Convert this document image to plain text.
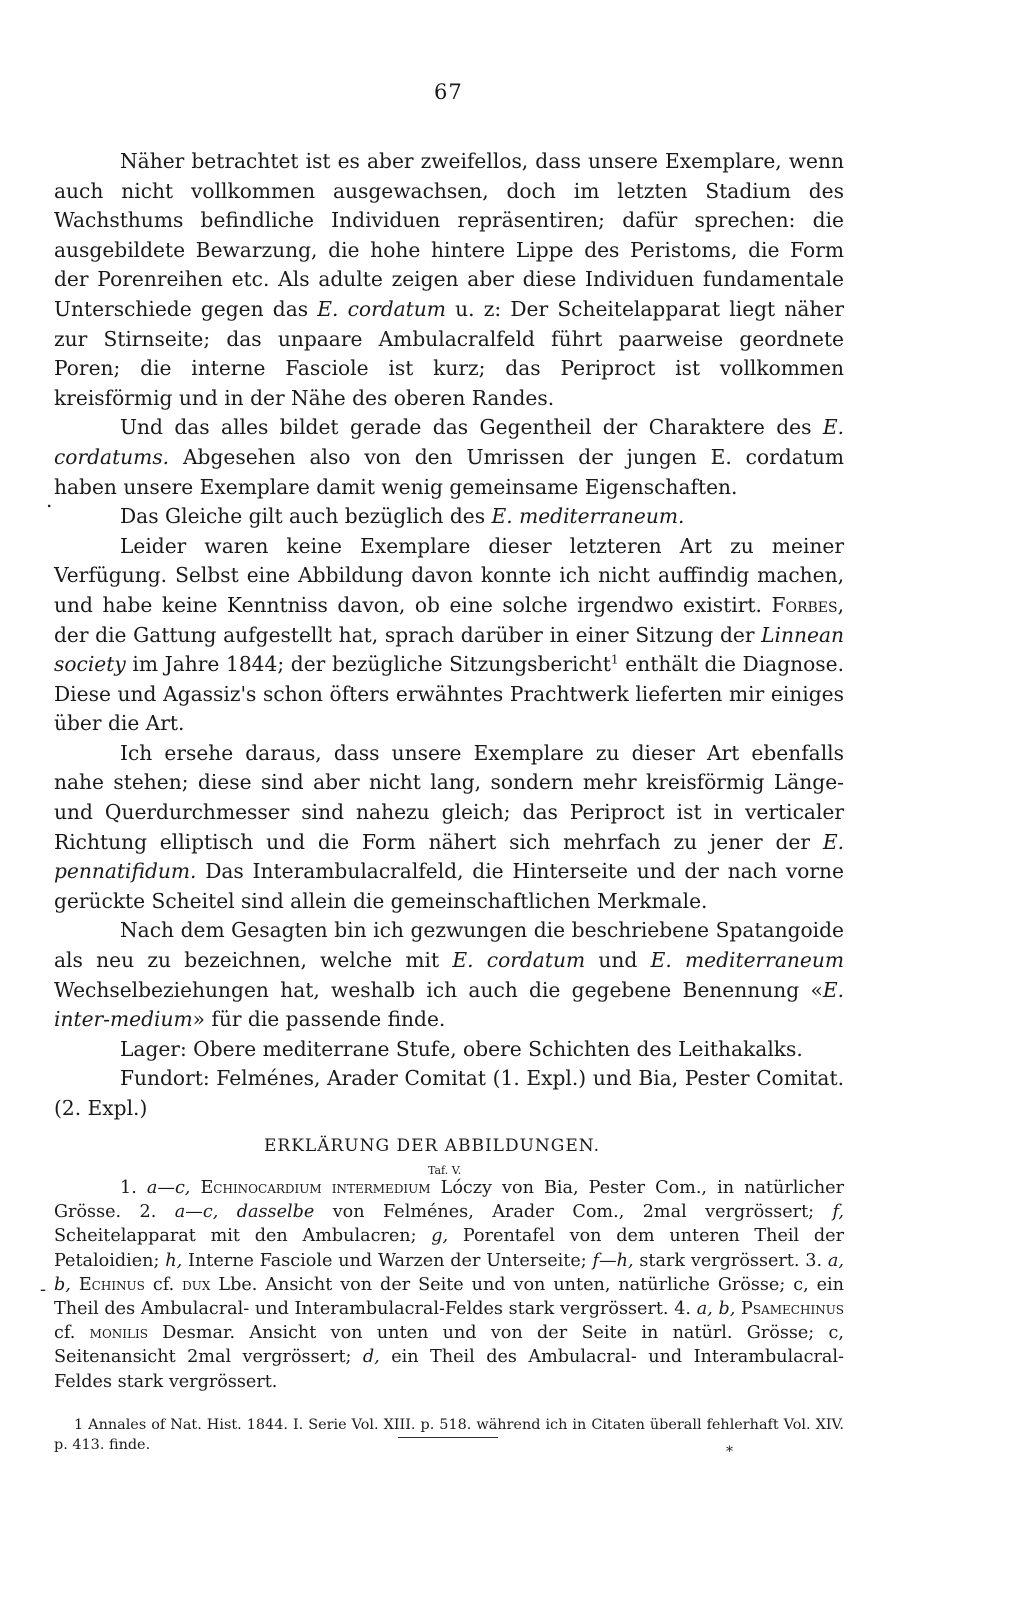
67
.

Näher betrachtet ist es aber zweifellos, dass unsere Exemplare, wenn auch nicht vollkommen ausgewachsen, doch im letzten Stadium des Wachsthums befindliche Individuen repräsentiren; dafür sprechen: die ausgebildete Bewarzung, die hohe hintere Lippe des Peristoms, die Form der Porenreihen etc. Als adulte zeigen aber diese Individuen fundamentale Unterschiede gegen das E. cordatum u. z: Der Scheitelapparat liegt näher zur Stirnseite; das unpaare Ambulacralfeld führt paarweise geordnete Poren; die interne Fasciole ist kurz; das Periproct ist vollkommen kreisförmig und in der Nähe des oberen Randes.

Und das alles bildet gerade das Gegentheil der Charaktere des E. cordatums. Abgesehen also von den Umrissen der jungen E. cordatum haben unsere Exemplare damit wenig gemeinsame Eigenschaften.

Das Gleiche gilt auch bezüglich des E. mediterraneum.

Leider waren keine Exemplare dieser letzteren Art zu meiner Verfügung. Selbst eine Abbildung davon konnte ich nicht auffindig machen, und habe keine Kenntniss davon, ob eine solche irgendwo existirt. Forbes, der die Gattung aufgestellt hat, sprach darüber in einer Sitzung der Linnean society im Jahre 1844; der bezügliche Sitzungsbericht$^1$ enthält die Diagnose. Diese und Agassiz's schon öfters erwähntes Prachtwerk lieferten mir einiges über die Art.

Ich ersehe daraus, dass unsere Exemplare zu dieser Art ebenfalls nahe stehen; diese sind aber nicht lang, sondern mehr kreisförmig Länge- und Querdurchmesser sind nahezu gleich; das Periproct ist in verticaler Richtung elliptisch und die Form nähert sich mehrfach zu jener der E. pennatifidum. Das Interambulacralfeld, die Hinterseite und der nach vorne gerückte Scheitel sind allein die gemeinschaftlichen Merkmale.

Nach dem Gesagten bin ich gezwungen die beschriebene Spatangoide als neu zu bezeichnen, welche mit E. cordatum und E. mediterraneum Wechselbeziehungen hat, weshalb ich auch die gegebene Benennung «E. inter-medium» für die passende finde.

Lager: Obere mediterrane Stufe, obere Schichten des Leithakalks.

Fundort: Felménes, Arader Comitat (1. Expl.) und Bia, Pester Comitat. (2. Expl.)

ERKLÄRUNG DER ABBILDUNGEN.
Taf. V.

1. a—c, Echinocardium intermedium Lóczy von Bia, Pester Com., in natürlicher Grösse. 2. a—c, dasselbe von Felménes, Arader Com., 2mal vergrössert; f, Scheitelapparat mit den Ambulacren; g, Porentafel von dem unteren Theil der Petaloidien; h, Interne Fasciole und Warzen der Unterseite; f—h, stark vergrössert. 3. a, b, Echinus cf. dux Lbe. Ansicht von der Seite und von unten, natürliche Grösse; c, ein Theil des Ambulacral- und Interambulacral-Feldes stark vergrössert. 4. a, b, Psamechinus cf. monilis Desmar. Ansicht von unten und von der Seite in natürl. Grösse; c, Seitenansicht 2mal vergrössert; d, ein Theil des Ambulacral- und Interambulacral-Feldes stark vergrössert.

-

1 Annales of Nat. Hist. 1844. I. Serie Vol. XIII. p. 518. während ich in Citaten überall fehlerhaft Vol. XIV. p. 413. finde.	*
